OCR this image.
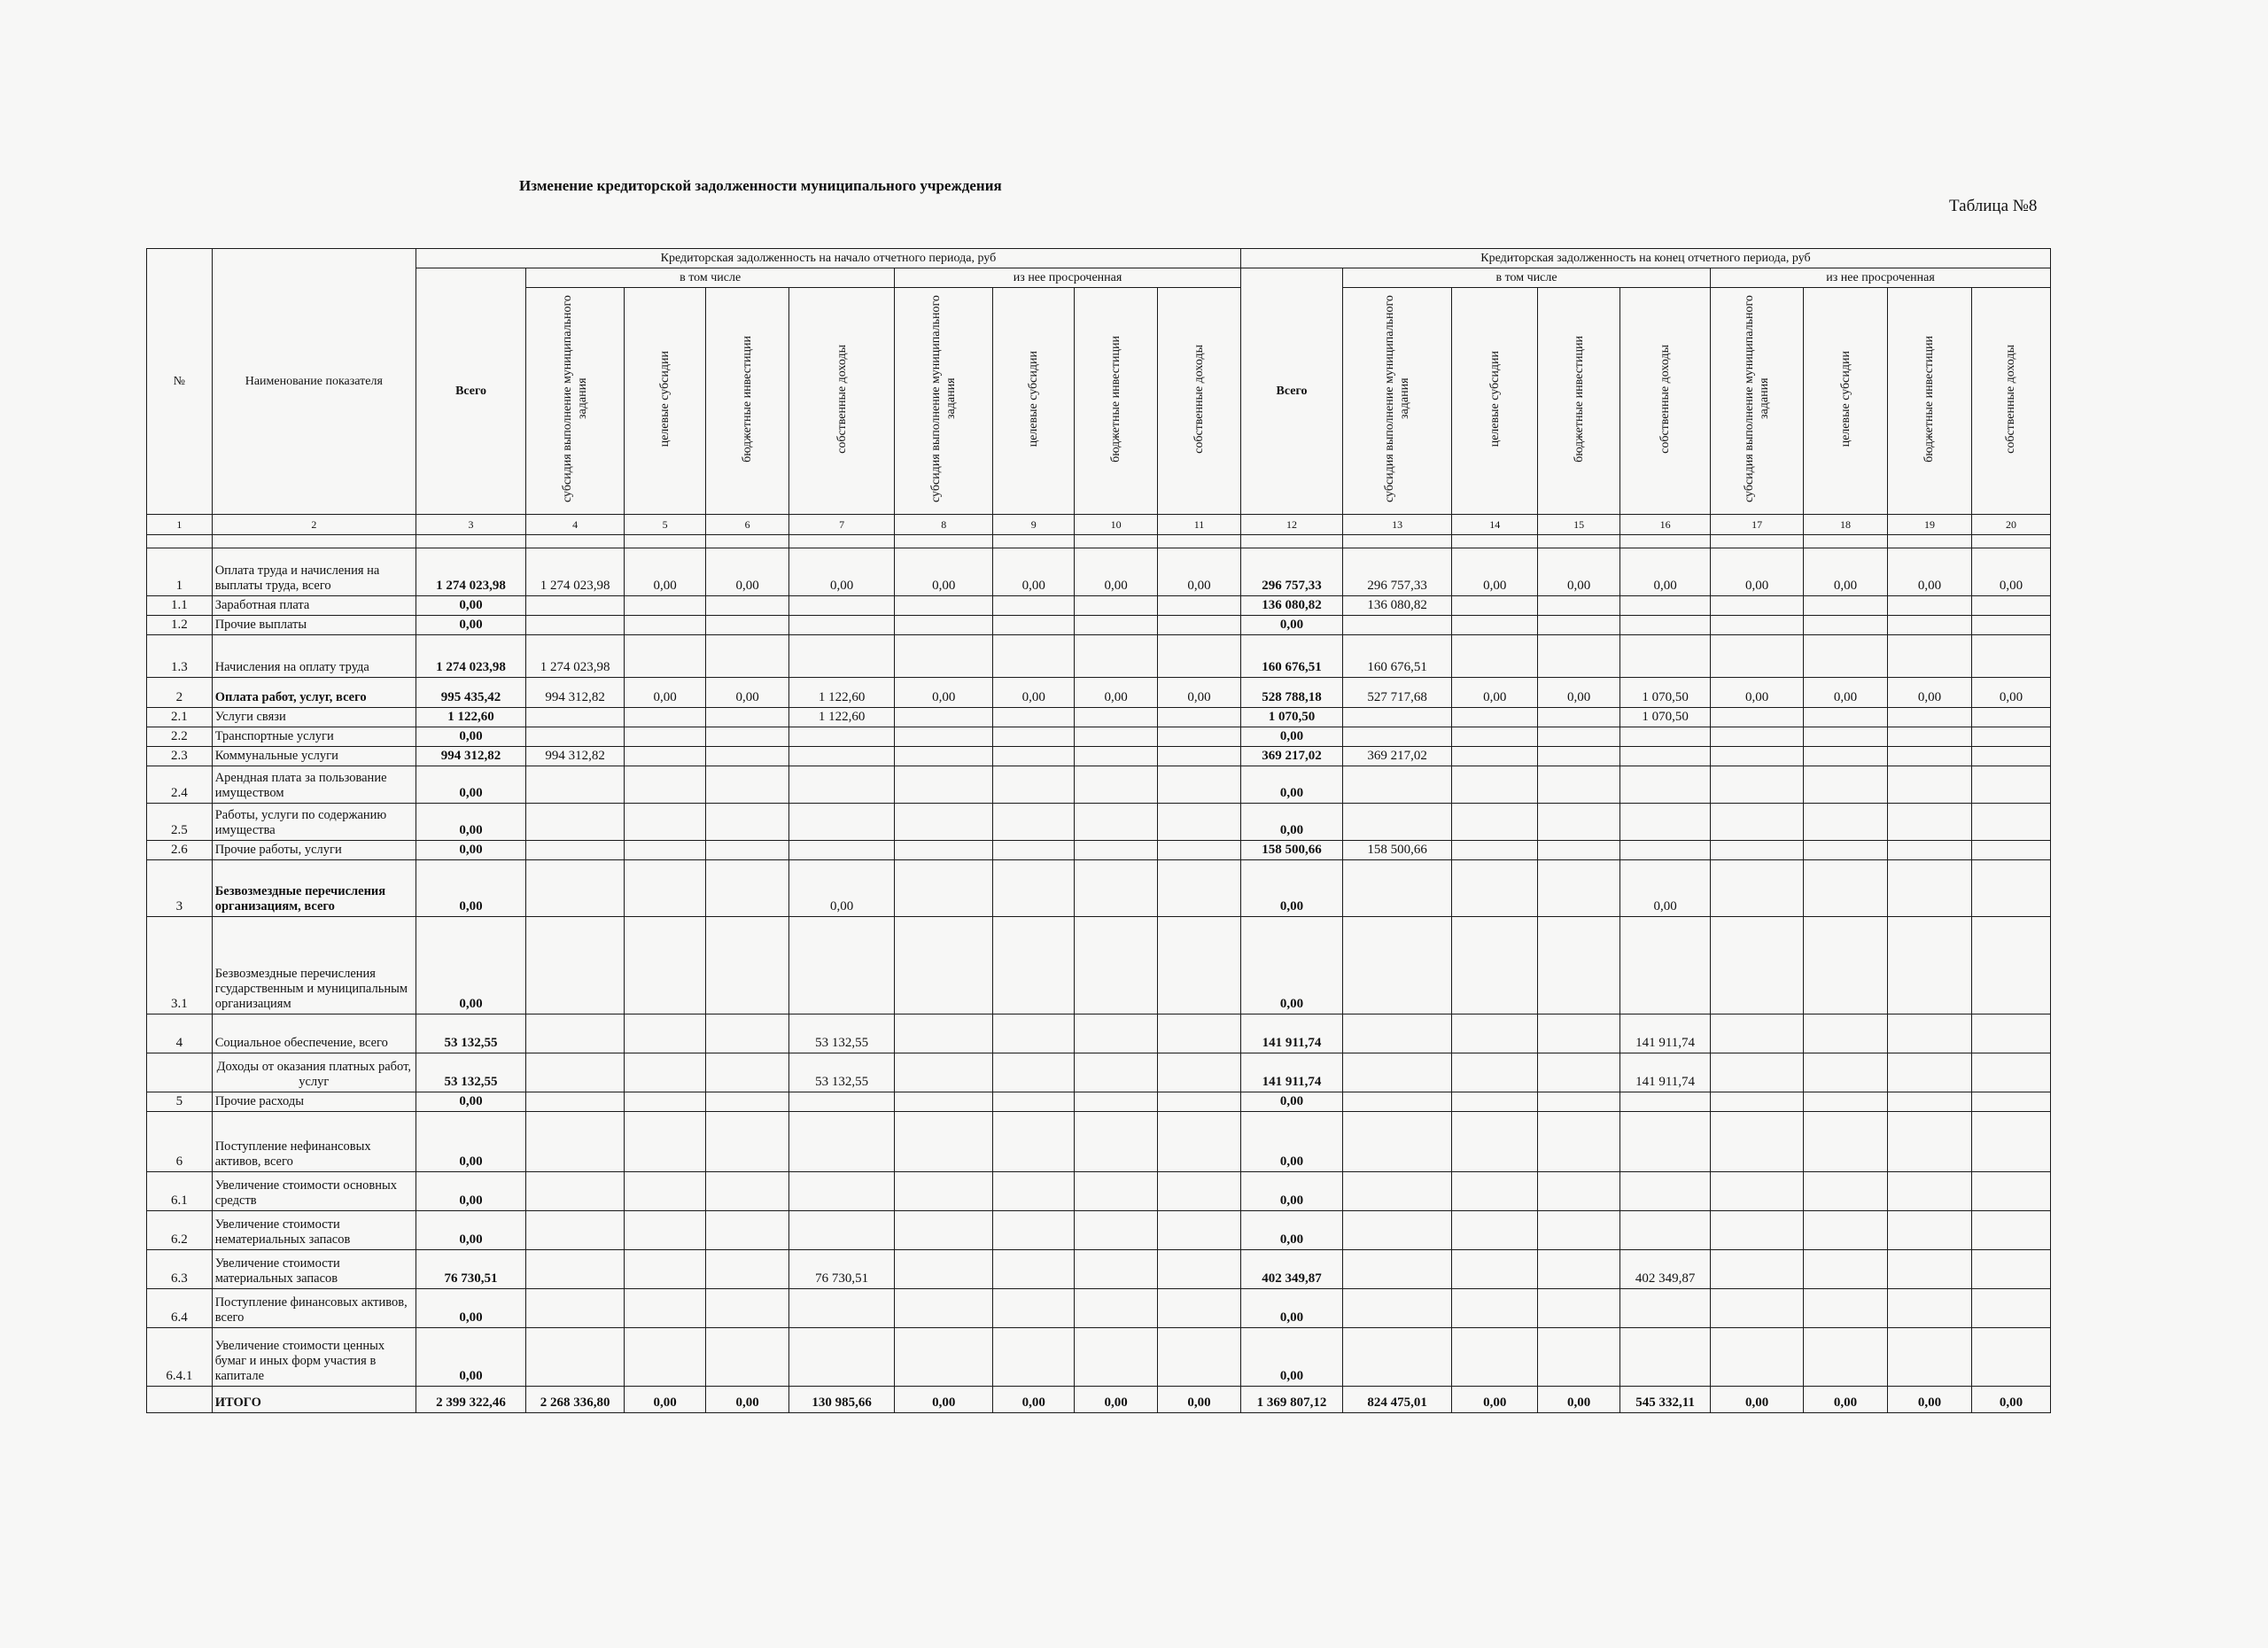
Изменение кредиторской задолженности муниципального учреждения
Таблица №8
№	Наименование показателя	Кредиторская задолженность на начало отчетного периода, руб									Кредиторская задолженность на конец отчетного периода, руб								
		Всего	в том числе				из нее просроченная				Всего	в том числе				из нее просроченная			
			субсидия выполнение муниципального задания	целевые субсидии	бюджетные инвестиции	собственные доходы	субсидия выполнение муниципального задания	целевые субсидии	бюджетные инвестиции	собственные доходы		субсидия выполнение муниципального задания	целевые субсидии	бюджетные инвестиции	собственные доходы	субсидия выполнение муниципального задания	целевые субсидии	бюджетные инвестиции	собственные доходы
1	2	3	4	5	6	7	8	9	10	11	12	13	14	15	16	17	18	19	20

1	Оплата труда и начисления на выплаты труда, всего	1 274 023,98	1 274 023,98	0,00	0,00	0,00	0,00	0,00	0,00	0,00	296 757,33	296 757,33	0,00	0,00	0,00	0,00	0,00	0,00	0,00
1.1	Заработная плата	0,00									136 080,82	136 080,82							
1.2	Прочие выплаты	0,00									0,00								
1.3	Начисления на оплату труда	1 274 023,98	1 274 023,98								160 676,51	160 676,51							
2	Оплата работ, услуг, всего	995 435,42	994 312,82	0,00	0,00	1 122,60	0,00	0,00	0,00	0,00	528 788,18	527 717,68	0,00	0,00	1 070,50	0,00	0,00	0,00	0,00
2.1	Услуги связи	1 122,60				1 122,60					1 070,50				1 070,50				
2.2	Транспортные услуги	0,00									0,00								
2.3	Коммунальные услуги	994 312,82	994 312,82								369 217,02	369 217,02							
2.4	Арендная плата за пользование имуществом	0,00									0,00								
2.5	Работы, услуги по содержанию имущества	0,00									0,00								
2.6	Прочие работы, услуги	0,00									158 500,66	158 500,66							
3	Безвозмездные перечисления организациям, всего	0,00				0,00					0,00				0,00				
3.1	Безвозмездные перечисления гсударственным и муниципальным организациям	0,00									0,00								
4	Социальное обеспечение, всего	53 132,55				53 132,55					141 911,74				141 911,74				
	Доходы от оказания платных работ, услуг	53 132,55				53 132,55					141 911,74				141 911,74				
5	Прочие расходы	0,00									0,00								
6	Поступление нефинансовых активов, всего	0,00									0,00								
6.1	Увеличение стоимости основных средств	0,00									0,00								
6.2	Увеличение стоимости нематериальных запасов	0,00									0,00								
6.3	Увеличение стоимости материальных запасов	76 730,51				76 730,51					402 349,87				402 349,87				
6.4	Поступление финансовых активов, всего	0,00									0,00								
6.4.1	Увеличение стоимости ценных бумаг и иных форм участия в капитале	0,00									0,00								
	ИТОГО	2 399 322,46	2 268 336,80	0,00	0,00	130 985,66	0,00	0,00	0,00	0,00	1 369 807,12	824 475,01	0,00	0,00	545 332,11	0,00	0,00	0,00	0,00
